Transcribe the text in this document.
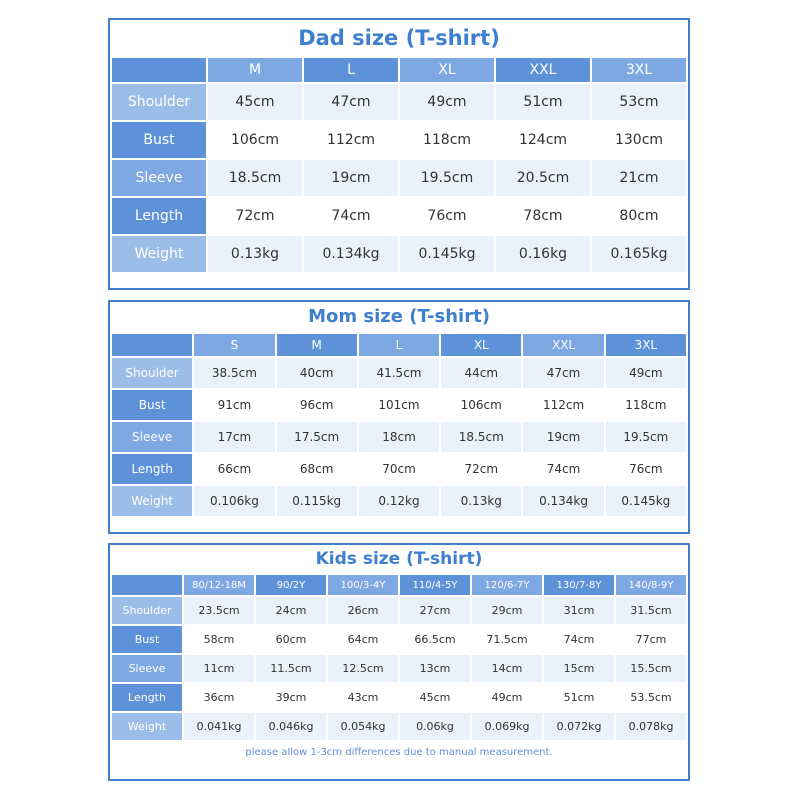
Dad size (T-shirt)
	M	L	XL	XXL	3XL
Shoulder	45cm	47cm	49cm	51cm	53cm
Bust	106cm	112cm	118cm	124cm	130cm
Sleeve	18.5cm	19cm	19.5cm	20.5cm	21cm
Length	72cm	74cm	76cm	78cm	80cm
Weight	0.13kg	0.134kg	0.145kg	0.16kg	0.165kg
Mom size (T-shirt)
	S	M	L	XL	XXL	3XL
Shoulder	38.5cm	40cm	41.5cm	44cm	47cm	49cm
Bust	91cm	96cm	101cm	106cm	112cm	118cm
Sleeve	17cm	17.5cm	18cm	18.5cm	19cm	19.5cm
Length	66cm	68cm	70cm	72cm	74cm	76cm
Weight	0.106kg	0.115kg	0.12kg	0.13kg	0.134kg	0.145kg
Kids size (T-shirt)
	80/12-18M	90/2Y	100/3-4Y	110/4-5Y	120/6-7Y	130/7-8Y	140/8-9Y
Shoulder	23.5cm	24cm	26cm	27cm	29cm	31cm	31.5cm
Bust	58cm	60cm	64cm	66.5cm	71.5cm	74cm	77cm
Sleeve	11cm	11.5cm	12.5cm	13cm	14cm	15cm	15.5cm
Length	36cm	39cm	43cm	45cm	49cm	51cm	53.5cm
Weight	0.041kg	0.046kg	0.054kg	0.06kg	0.069kg	0.072kg	0.078kg
please allow 1-3cm differences due to manual measurement.
